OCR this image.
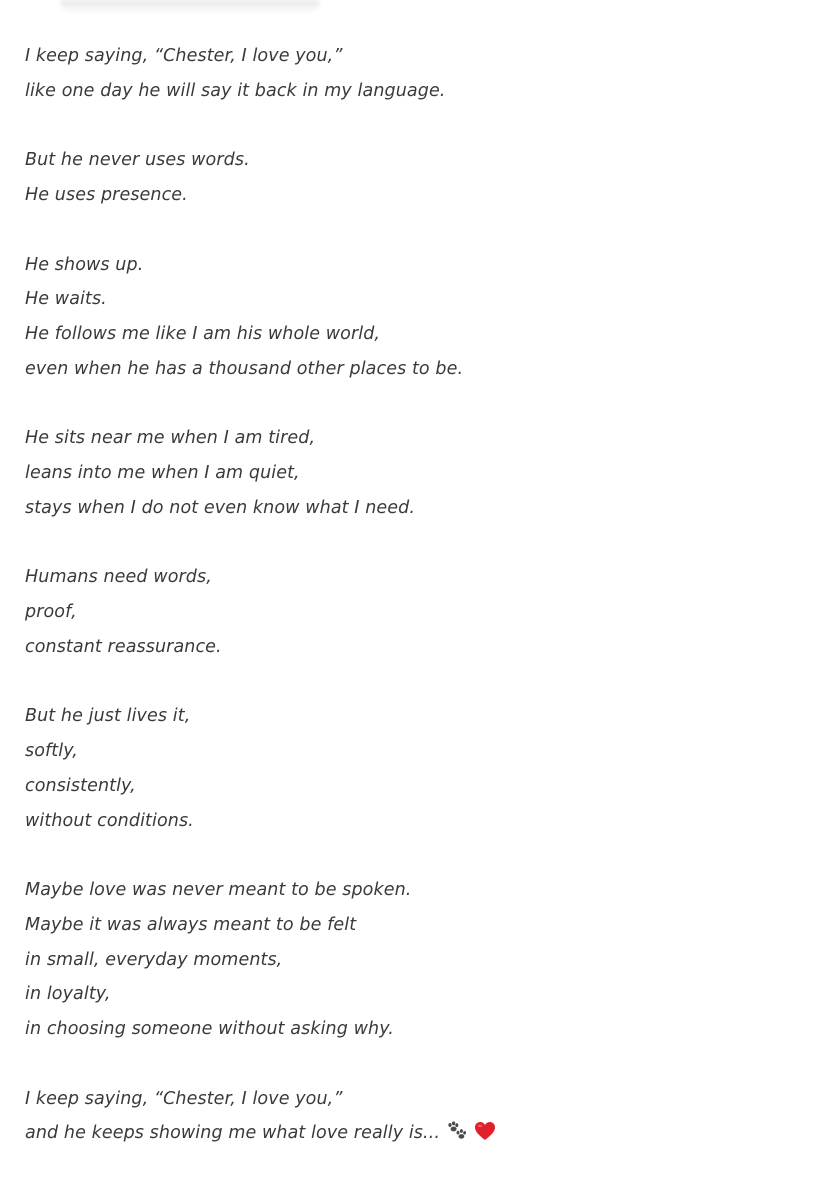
I keep saying, “Chester, I love you,”
like one day he will say it back in my language.
But he never uses words.
He uses presence.
He shows up.
He waits.
He follows me like I am his whole world,
even when he has a thousand other places to be.
He sits near me when I am tired,
leans into me when I am quiet,
stays when I do not even know what I need.
Humans need words,
proof,
constant reassurance.
But he just lives it,
softly,
consistently,
without conditions.
Maybe love was never meant to be spoken.
Maybe it was always meant to be felt
in small, everyday moments,
in loyalty,
in choosing someone without asking why.
I keep saying, “Chester, I love you,”
and he keeps showing me what love really is...
